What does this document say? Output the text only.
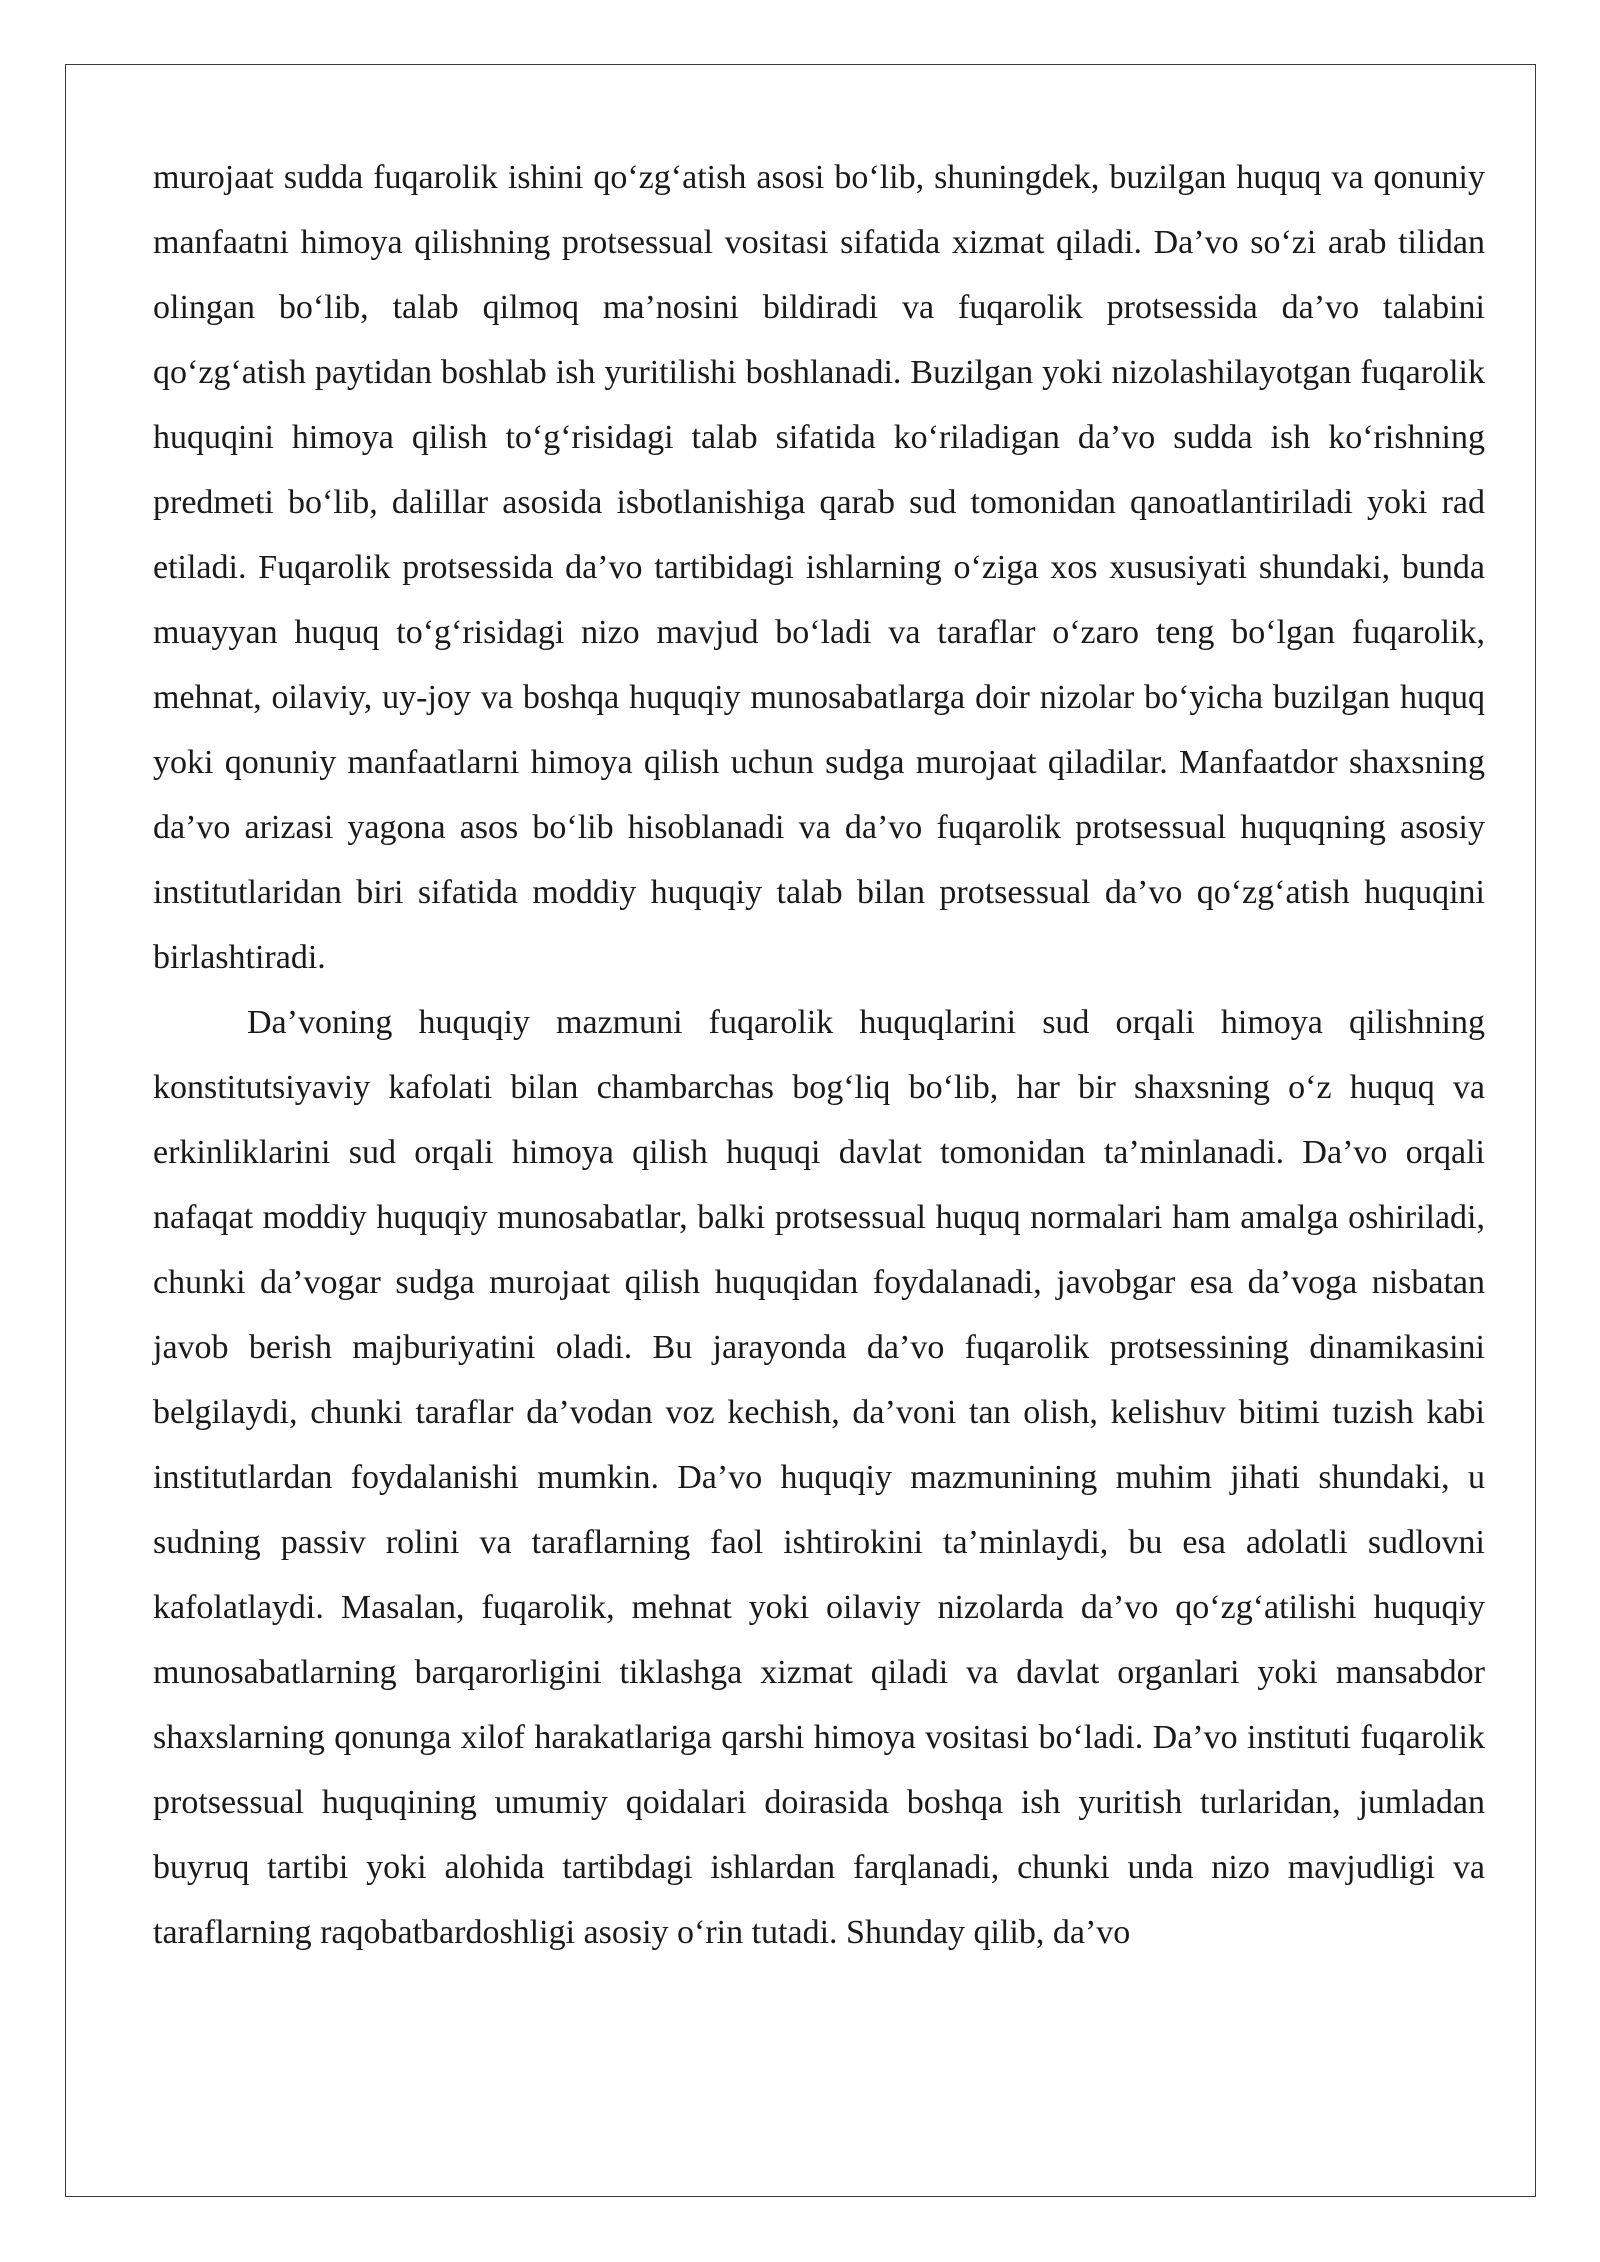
murojaat sudda fuqarolik ishini qo‘zg‘atish asosi bo‘lib, shuningdek, buzilgan huquq va qonuniy manfaatni himoya qilishning protsessual vositasi sifatida xizmat qiladi. Da’vo so‘zi arab tilidan olingan bo‘lib, talab qilmoq ma’nosini bildiradi va fuqarolik protsessida da’vo talabini qo‘zg‘atish paytidan boshlab ish yuritilishi boshlanadi. Buzilgan yoki nizolashilayotgan fuqarolik huquqini himoya qilish to‘g‘risidagi talab sifatida ko‘riladigan da’vo sudda ish ko‘rishning predmeti bo‘lib, dalillar asosida isbotlanishiga qarab sud tomonidan qanoatlantiriladi yoki rad etiladi. Fuqarolik protsessida da’vo tartibidagi ishlarning o‘ziga xos xususiyati shundaki, bunda muayyan huquq to‘g‘risidagi nizo mavjud bo‘ladi va taraflar o‘zaro teng bo‘lgan fuqarolik, mehnat, oilaviy, uy-joy va boshqa huquqiy munosabatlarga doir nizolar bo‘yicha buzilgan huquq yoki qonuniy manfaatlarni himoya qilish uchun sudga murojaat qiladilar. Manfaatdor shaxsning da’vo arizasi yagona asos bo‘lib hisoblanadi va da’vo fuqarolik protsessual huquqning asosiy institutlaridan biri sifatida moddiy huquqiy talab bilan protsessual da’vo qo‘zg‘atish huquqini birlashtiradi.

Da’voning huquqiy mazmuni fuqarolik huquqlarini sud orqali himoya qilishning konstitutsiyaviy kafolati bilan chambarchas bog‘liq bo‘lib, har bir shaxsning o‘z huquq va erkinliklarini sud orqali himoya qilish huquqi davlat tomonidan ta’minlanadi. Da’vo orqali nafaqat moddiy huquqiy munosabatlar, balki protsessual huquq normalari ham amalga oshiriladi, chunki da’vogar sudga murojaat qilish huquqidan foydalanadi, javobgar esa da’voga nisbatan javob berish majburiyatini oladi. Bu jarayonda da’vo fuqarolik protsessining dinamikasini belgilaydi, chunki taraflar da’vodan voz kechish, da’voni tan olish, kelishuv bitimi tuzish kabi institutlardan foydalanishi mumkin. Da’vo huquqiy mazmunining muhim jihati shundaki, u sudning passiv rolini va taraflarning faol ishtirokini ta’minlaydi, bu esa adolatli sudlovni kafolatlaydi. Masalan, fuqarolik, mehnat yoki oilaviy nizolarda da’vo qo‘zg‘atilishi huquqiy munosabatlarning barqarorligini tiklashga xizmat qiladi va davlat organlari yoki mansabdor shaxslarning qonunga xilof harakatlariga qarshi himoya vositasi bo‘ladi. Da’vo instituti fuqarolik protsessual huquqining umumiy qoidalari doirasida boshqa ish yuritish turlaridan, jumladan buyruq tartibi yoki alohida tartibdagi ishlardan farqlanadi, chunki unda nizo mavjudligi va taraflarning raqobatbardoshligi asosiy o‘rin tutadi. Shunday qilib, da’vo
